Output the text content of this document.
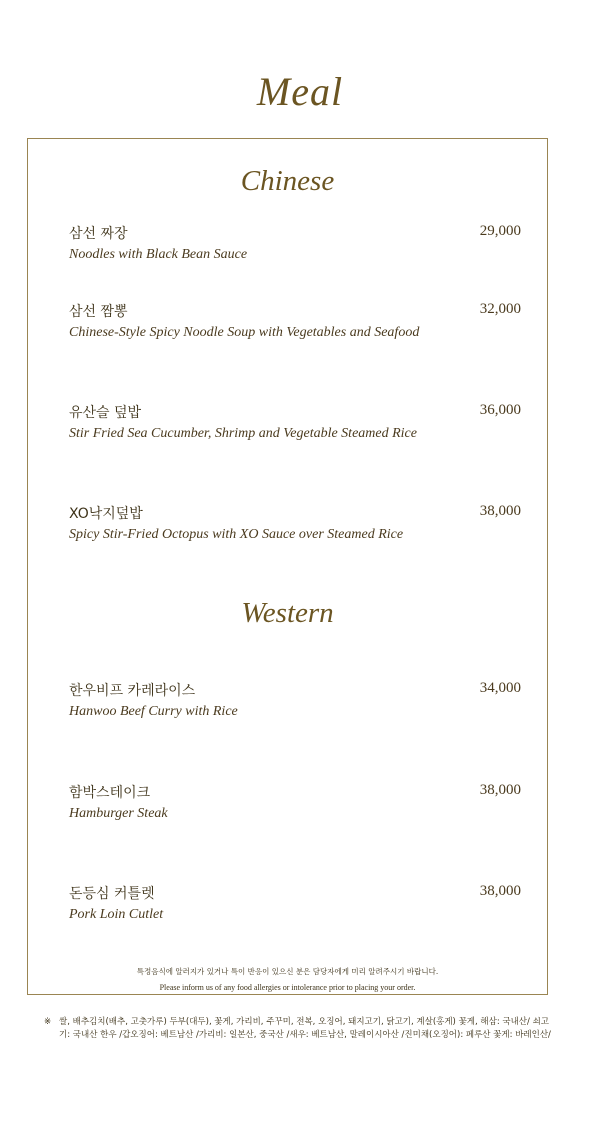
Meal
Chinese
삼선 짜장
Noodles with Black Bean Sauce
29,000
삼선 짬뽕
Chinese-Style Spicy Noodle Soup with Vegetables and Seafood
32,000
유산슬 덮밥
Stir Fried Sea Cucumber, Shrimp and Vegetable Steamed Rice
36,000
XO낙지덮밥
Spicy Stir-Fried Octopus with XO Sauce over Steamed Rice
38,000
Western
한우비프 카레라이스
Hanwoo Beef Curry with Rice
34,000
함박스테이크
Hamburger Steak
38,000
돈등심 커틀렛
Pork Loin Cutlet
38,000
특정음식에 알러지가 있거나 특이 반응이 있으신 분은 담당자에게 미리 알려주시기 바랍니다.
Please inform us of any food allergies or intolerance prior to placing your order.
※ 쌀, 배추김치(배추, 고춧가루) 두부(대두), 꽃게, 가리비, 주꾸미, 전복, 오징어, 돼지고기, 닭고기, 계살(홍게) 꽃게, 해삼: 국내산/ 쇠고기: 국내산 한우 /갑오징어: 베트남산 /가리비: 일본산, 중국산 /새우: 베트남산, 말레이시아산 /진미채(오징어): 페루산 꽃게: 바레인산/
